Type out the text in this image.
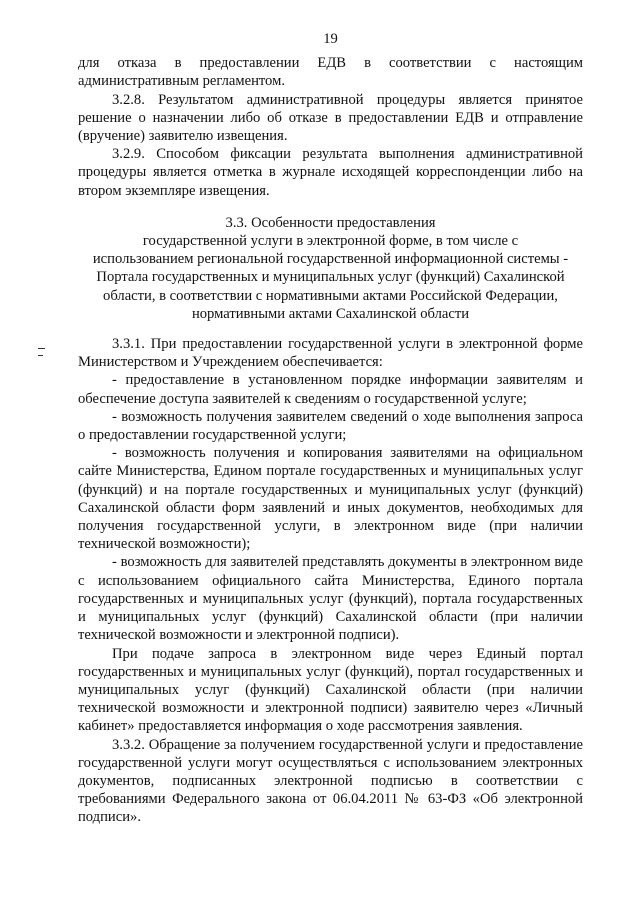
19

для отказа в предоставлении ЕДВ в соответствии с настоящим административным регламентом.

3.2.8. Результатом административной процедуры является принятое решение о назначении либо об отказе в предоставлении ЕДВ и отправление (вручение) заявителю извещения.

3.2.9. Способом фиксации результата выполнения административной процедуры является отметка в журнале исходящей корреспонденции либо на втором экземпляре извещения.

3.3. Особенности предоставления
государственной услуги в электронной форме, в том числе с
использованием региональной государственной информационной системы -
Портала государственных и муниципальных услуг (функций) Сахалинской
области, в соответствии с нормативными актами Российской Федерации,
нормативными актами Сахалинской области

3.3.1. При предоставлении государственной услуги в электронной форме Министерством и Учреждением обеспечивается:

- предоставление в установленном порядке информации заявителям и обеспечение доступа заявителей к сведениям о государственной услуге;

- возможность получения заявителем сведений о ходе выполнения запроса о предоставлении государственной услуги;

- возможность получения и копирования заявителями на официальном сайте Министерства, Едином портале государственных и муниципальных услуг (функций) и на портале государственных и муниципальных услуг (функций) Сахалинской области форм заявлений и иных документов, необходимых для получения государственной услуги, в электронном виде (при наличии технической возможности);

- возможность для заявителей представлять документы в электронном виде с использованием официального сайта Министерства, Единого портала государственных и муниципальных услуг (функций), портала государственных и муниципальных услуг (функций) Сахалинской области (при наличии технической возможности и электронной подписи).

При подаче запроса в электронном виде через Единый портал государственных и муниципальных услуг (функций), портал государственных и муниципальных услуг (функций) Сахалинской области (при наличии технической возможности и электронной подписи) заявителю через «Личный кабинет» предоставляется информация о ходе рассмотрения заявления.

3.3.2. Обращение за получением государственной услуги и предоставление государственной услуги могут осуществляться с использованием электронных документов, подписанных электронной подписью в соответствии с требованиями Федерального закона от 06.04.2011 № 63-ФЗ «Об электронной подписи».
